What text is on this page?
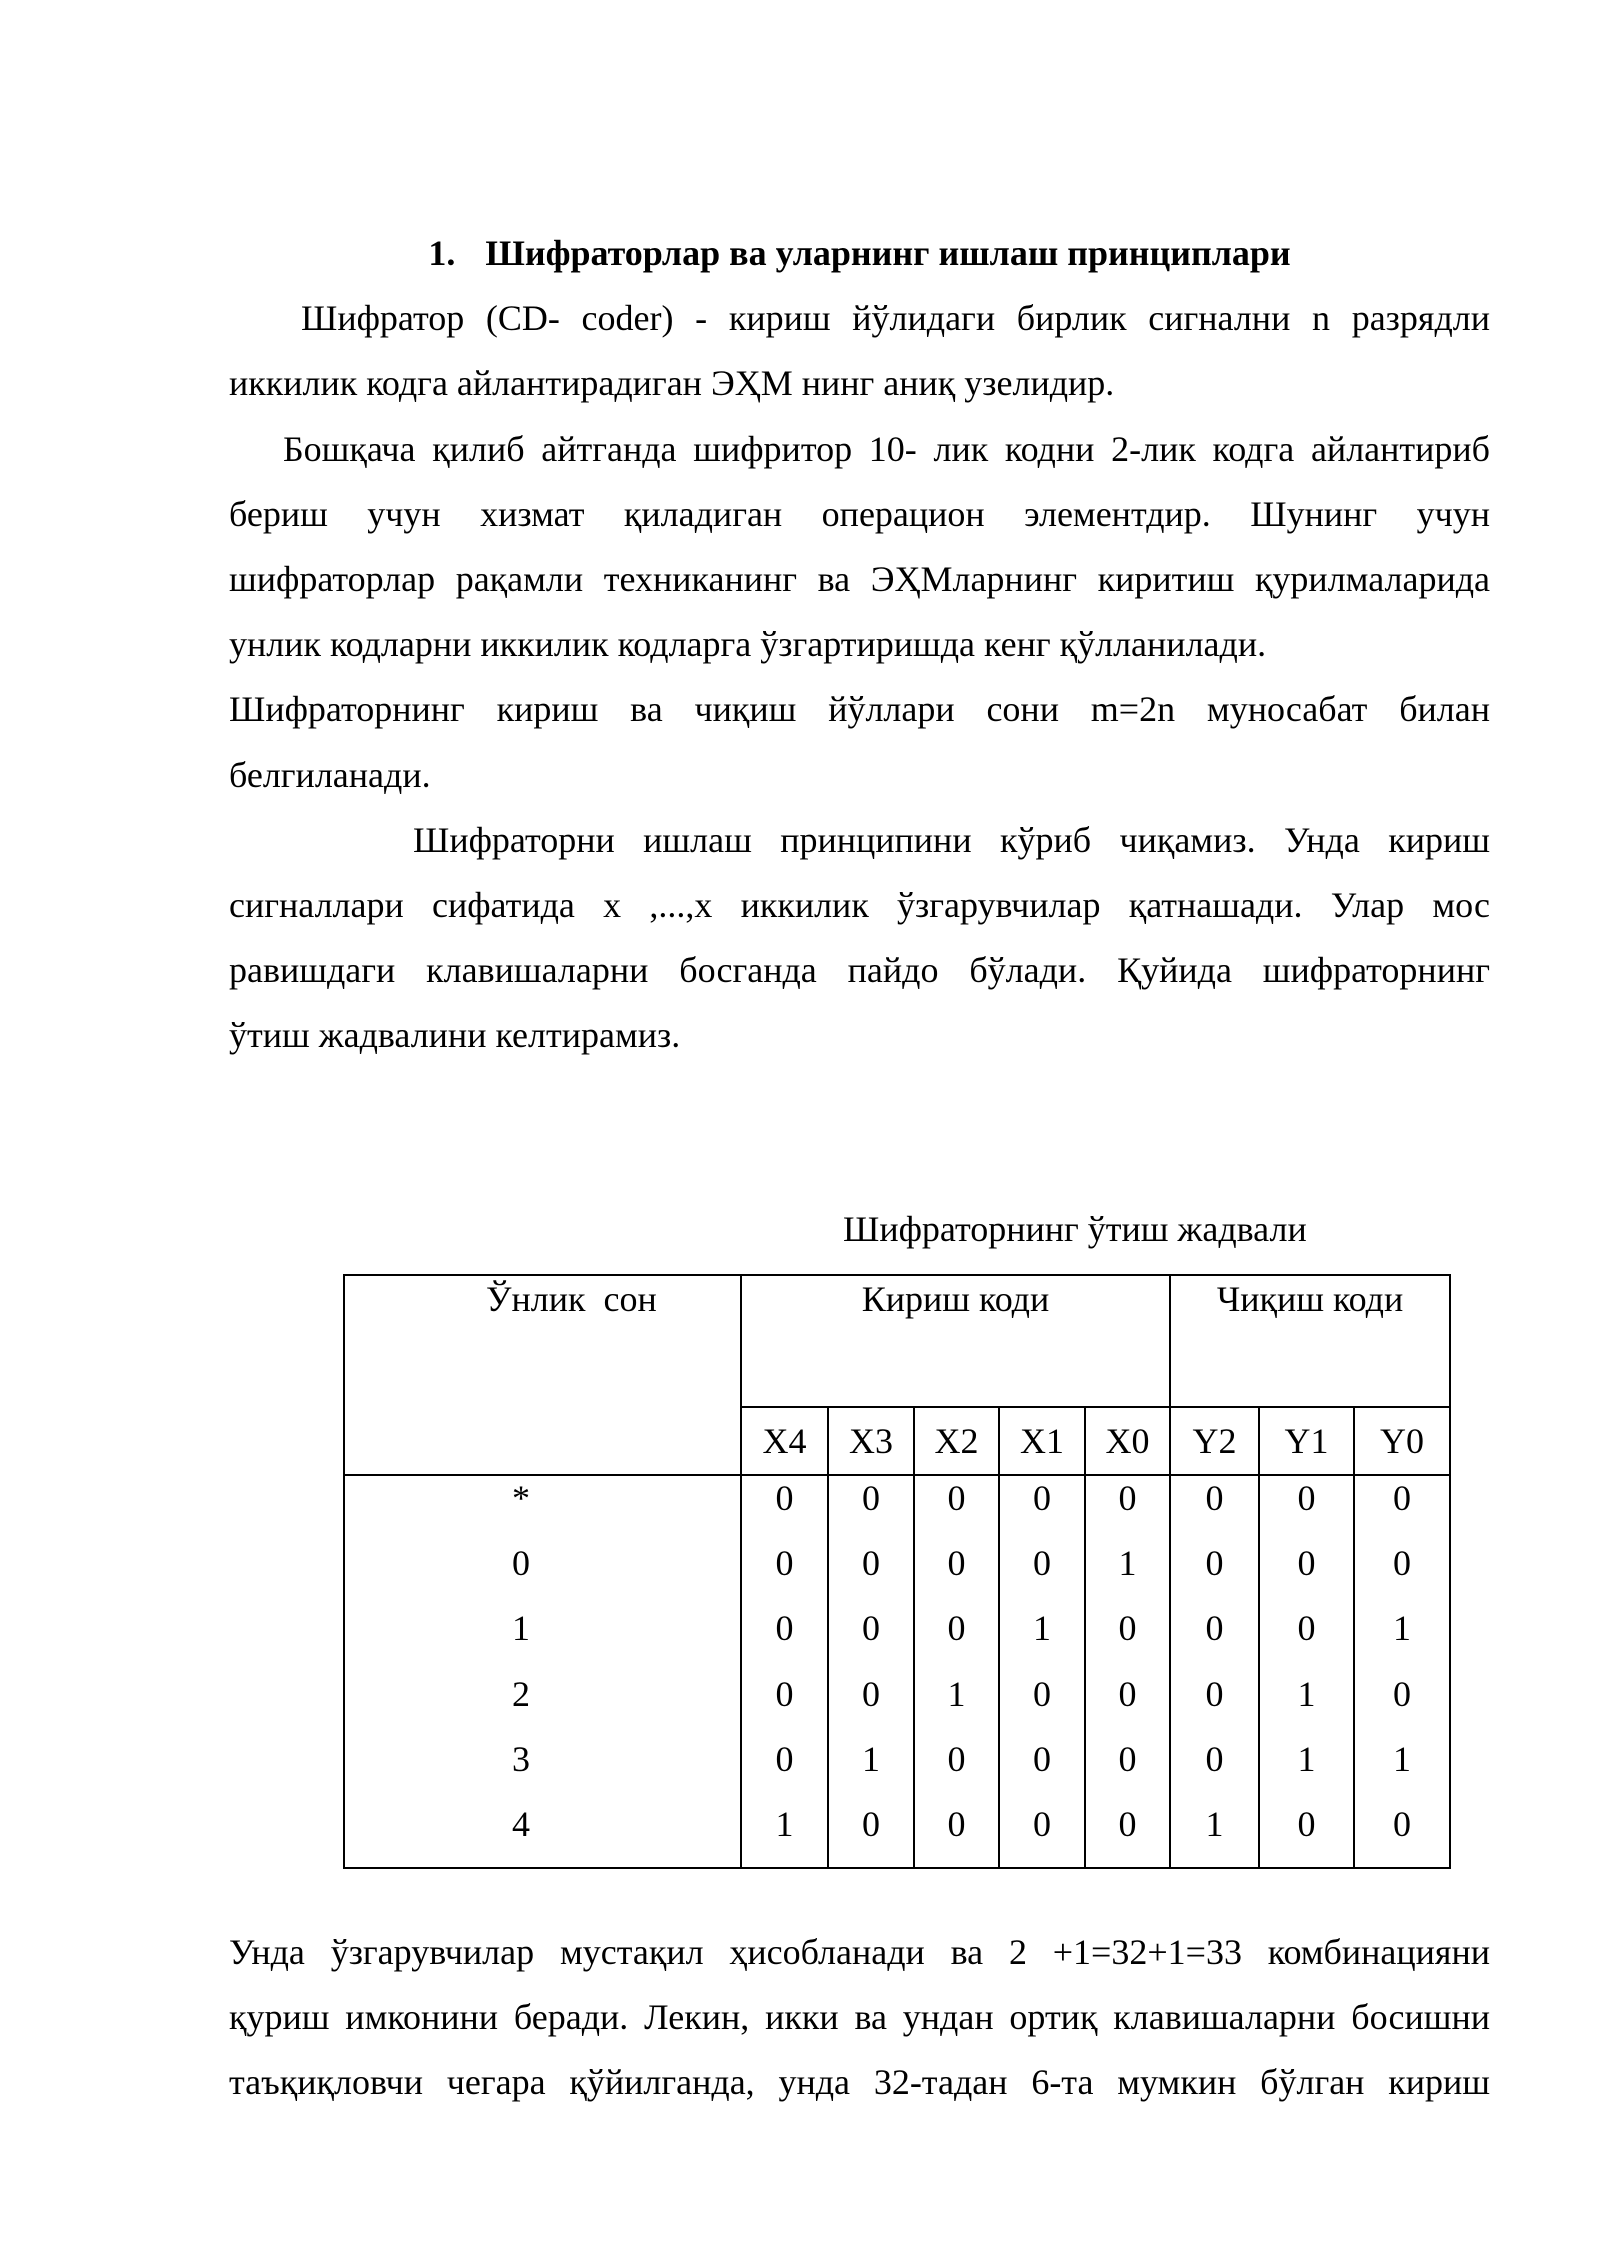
1. Шифраторлар ва уларнинг ишлаш принциплари
Шифратор (CD- coder) - кириш йўлидаги бирлик сигнални n разрядли
иккилик кодга айлантирадиган ЭҲМ нинг аниқ узелидир.
Бошқача қилиб айтганда шифритор 10- лик кодни 2-лик кодга айлантириб
бериш учун хизмат қиладиган операцион элементдир. Шунинг учун
шифраторлар рақамли техниканинг ва ЭҲМларнинг киритиш қурилмаларида
унлик кодларни иккилик кодларга ўзгартиришда кенг қўлланилади.
Шифраторнинг кириш ва чиқиш йўллари сони m=2n муносабат билан
белгиланади.
Шифраторни ишлаш принципини кўриб чиқамиз. Унда кириш
сигналлари сифатида x ,...,x иккилик ўзгарувчилар қатнашади. Улар мос
равишдаги клавишаларни босганда пайдо бўлади. Қуйида шифраторнинг
ўтиш жадвалини келтирамиз.
Шифраторнинг ўтиш жадвали
Ўнлик  сон	Кириш коди					Чиқиш коди		
	X4	X3	X2	X1	X0	Y2	Y1	Y0
*	0	0	0	0	0	0	0	0
0	0	0	0	0	1	0	0	0
1	0	0	0	1	0	0	0	1
2	0	0	1	0	0	0	1	0
3	0	1	0	0	0	0	1	1
4	1	0	0	0	0	1	0	0
Унда ўзгарувчилар мустақил ҳисобланади ва 2 +1=32+1=33 комбинацияни
қуриш имконини беради. Лекин, икки ва ундан ортиқ клавишаларни босишни
таъқиқловчи чегара қўйилганда, унда 32-тадан 6-та мумкин бўлган кириш
